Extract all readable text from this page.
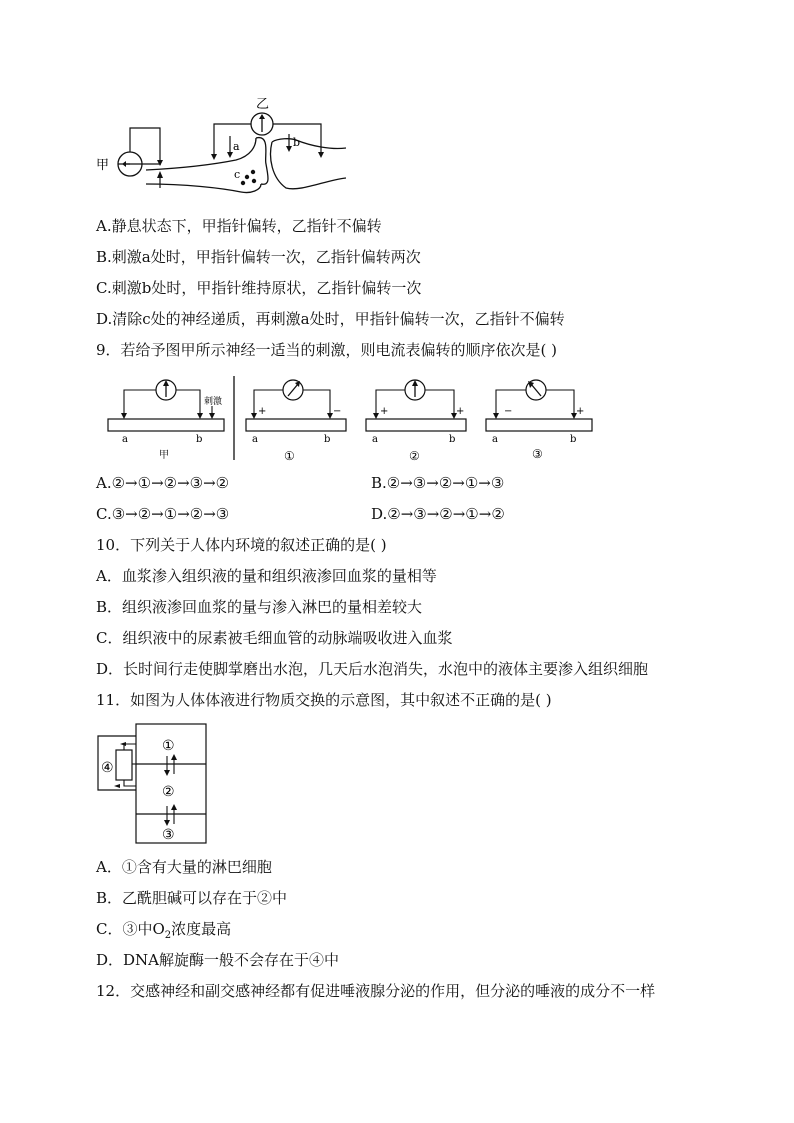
甲
乙
a	b
c
A.静息状态下，甲指针偏转，乙指针不偏转
B.刺激a处时，甲指针偏转一次，乙指针偏转两次
C.刺激b处时，甲指针维持原状，乙指针偏转一次
D.清除c处的神经递质，再刺激a处时，甲指针偏转一次，乙指针不偏转
9．若给予图甲所示神经一适当的刺激，则电流表偏转的顺序依次是( )
刺激
a	b
甲
+	−
a	b
①
+	+
a	b
②
−	+
a	b
③
A.②→①→②→③→②	B.②→③→②→①→③
C.③→②→①→②→③	D.②→③→②→①→②
10．下列关于人体内环境的叙述正确的是( )
A．血浆渗入组织液的量和组织液渗回血浆的量相等
B．组织液渗回血浆的量与渗入淋巴的量相差较大
C．组织液中的尿素被毛细血管的动脉端吸收进入血浆
D．长时间行走使脚掌磨出水泡，几天后水泡消失，水泡中的液体主要渗入组织细胞
11．如图为人体体液进行物质交换的示意图，其中叙述不正确的是( )
①
②
③
④
A．①含有大量的淋巴细胞
B．乙酰胆碱可以存在于②中
C．③中$O_2$浓度最高
D．DNA解旋酶一般不会存在于④中
12．交感神经和副交感神经都有促进唾液腺分泌的作用，但分泌的唾液的成分不一样
